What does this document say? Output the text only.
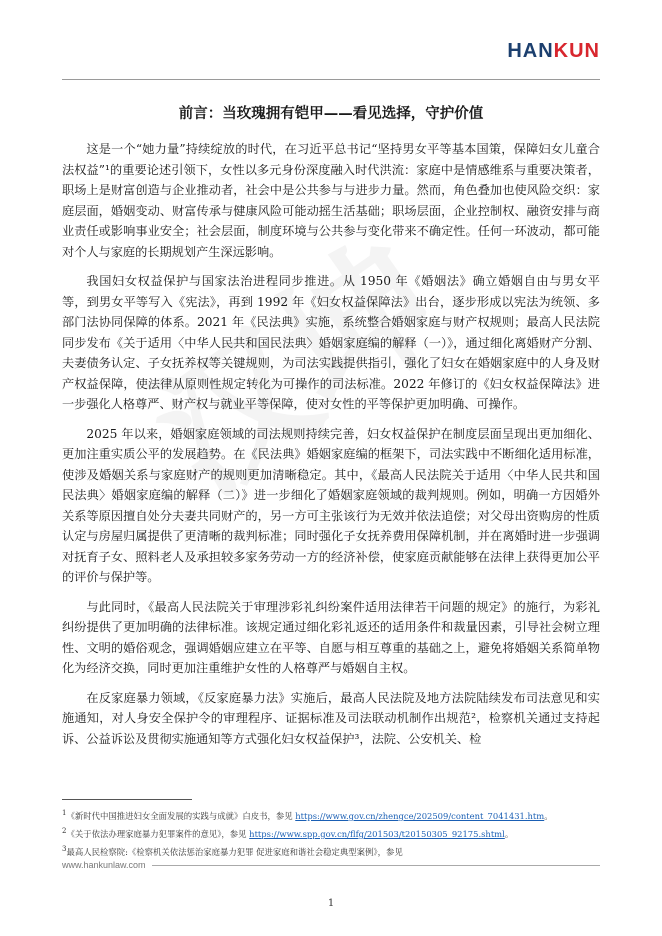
HANKUN
前言：当玫瑰拥有铠甲——看见选择，守护价值

这是一个“她力量”持续绽放的时代，在习近平总书记“坚持男女平等基本国策，保障妇女儿童合法权益”¹的重要论述引领下，女性以多元身份深度融入时代洪流：家庭中是情感维系与重要决策者，职场上是财富创造与企业推动者，社会中是公共参与与进步力量。然而，角色叠加也使风险交织：家庭层面，婚姻变动、财富传承与健康风险可能动摇生活基础；职场层面，企业控制权、融资安排与商业责任或影响事业安全；社会层面，制度环境与公共参与变化带来不确定性。任何一环波动，都可能对个人与家庭的长期规划产生深远影响。

我国妇女权益保护与国家法治进程同步推进。从 1950 年《婚姻法》确立婚姻自由与男女平等，到男女平等写入《宪法》，再到 1992 年《妇女权益保障法》出台，逐步形成以宪法为统领、多部门法协同保障的体系。2021 年《民法典》实施，系统整合婚姻家庭与财产权规则；最高人民法院同步发布《关于适用〈中华人民共和国民法典〉婚姻家庭编的解释（一）》，通过细化离婚财产分割、夫妻债务认定、子女抚养权等关键规则，为司法实践提供指引，强化了妇女在婚姻家庭中的人身及财产权益保障，使法律从原则性规定转化为可操作的司法标准。2022 年修订的《妇女权益保障法》进一步强化人格尊严、财产权与就业平等保障，使对女性的平等保护更加明确、可操作。

2025 年以来，婚姻家庭领域的司法规则持续完善，妇女权益保护在制度层面呈现出更加细化、更加注重实质公平的发展趋势。在《民法典》婚姻家庭编的框架下，司法实践中不断细化适用标准，使涉及婚姻关系与家庭财产的规则更加清晰稳定。其中，《最高人民法院关于适用〈中华人民共和国民法典〉婚姻家庭编的解释（二）》进一步细化了婚姻家庭领域的裁判规则。例如，明确一方因婚外关系等原因擅自处分夫妻共同财产的，另一方可主张该行为无效并依法追偿；对父母出资购房的性质认定与房屋归属提供了更清晰的裁判标准；同时强化子女抚养费用保障机制，并在离婚时进一步强调对抚育子女、照料老人及承担较多家务劳动一方的经济补偿，使家庭贡献能够在法律上获得更加公平的评价与保护等。

与此同时，《最高人民法院关于审理涉彩礼纠纷案件适用法律若干问题的规定》的施行，为彩礼纠纷提供了更加明确的法律标准。该规定通过细化彩礼返还的适用条件和裁量因素，引导社会树立理性、文明的婚俗观念，强调婚姻应建立在平等、自愿与相互尊重的基础之上，避免将婚姻关系简单物化为经济交换，同时更加注重维护女性的人格尊严与婚姻自主权。

在反家庭暴力领域，《反家庭暴力法》实施后，最高人民法院及地方法院陆续发布司法意见和实施通知，对人身安全保护令的审理程序、证据标准及司法联动机制作出规范²，检察机关通过支持起诉、公益诉讼及贯彻实施通知等方式强化妇女权益保护³，法院、公安机关、检

$^1$《新时代中国推进妇女全面发展的实践与成就》白皮书，参见 https://www.gov.cn/zhengce/202509/content_7041431.htm。

$^2$《关于依法办理家庭暴力犯罪案件的意见》，参见 https://www.spp.gov.cn/flfg/201503/t20150305_92175.shtml。

$^3$最高人民检察院:《检察机关依法惩治家庭暴力犯罪 促进家庭和谐社会稳定典型案例》，参见

www.hankunlaw.com
1
